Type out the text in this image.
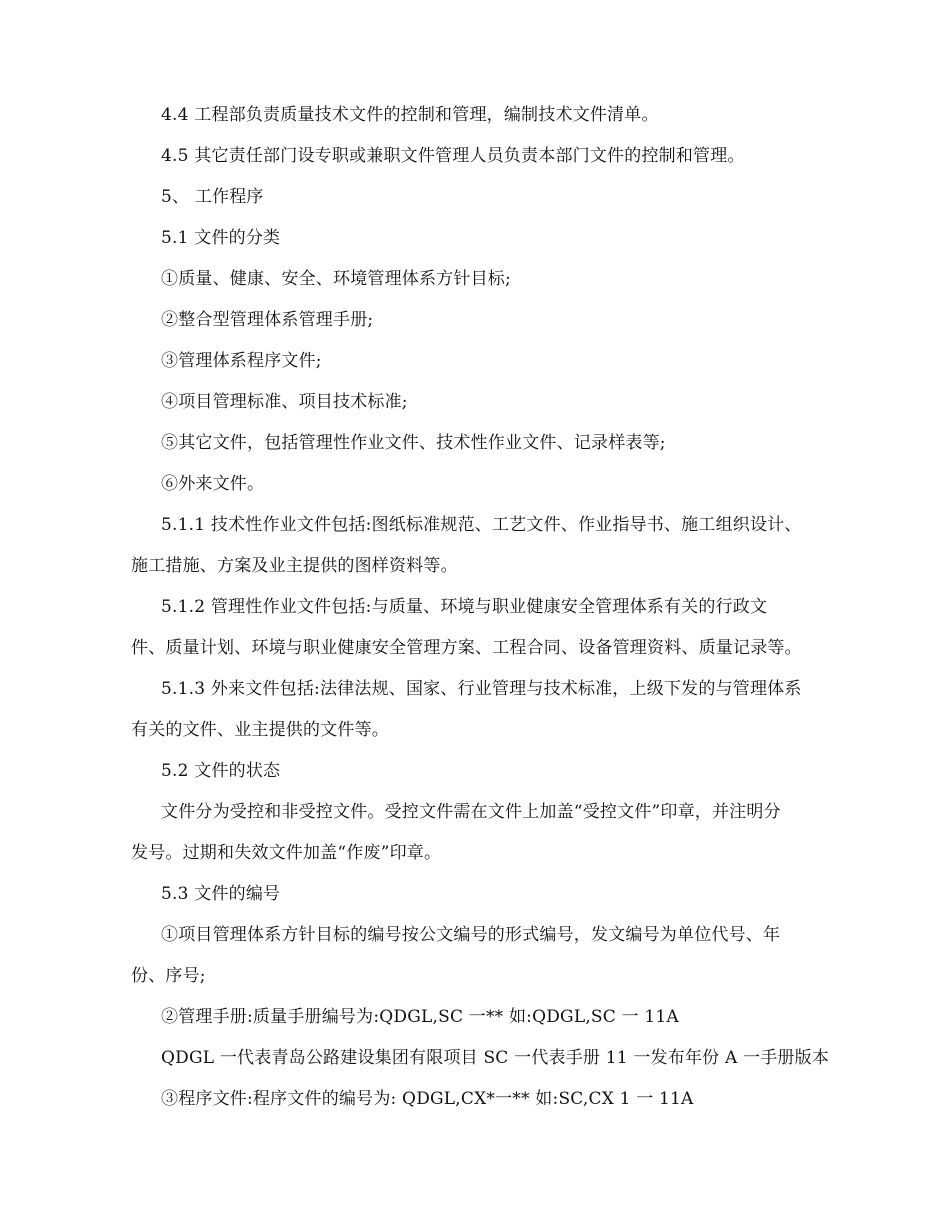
4.4 工程部负责质量技术文件的控制和管理，编制技术文件清单。
4.5 其它责任部门设专职或兼职文件管理人员负责本部门文件的控制和管理。
5、 工作程序
5.1 文件的分类
①质量、健康、安全、环境管理体系方针目标;
②整合型管理体系管理手册;
③管理体系程序文件;
④项目管理标准、项目技术标准;
⑤其它文件，包括管理性作业文件、技术性作业文件、记录样表等;
⑥外来文件。
5.1.1 技术性作业文件包括:图纸标准规范、工艺文件、作业指导书、施工组织设计、
施工措施、方案及业主提供的图样资料等。
5.1.2 管理性作业文件包括:与质量、环境与职业健康安全管理体系有关的行政文
件、质量计划、环境与职业健康安全管理方案、工程合同、设备管理资料、质量记录等。
5.1.3 外来文件包括:法律法规、国家、行业管理与技术标准，上级下发的与管理体系
有关的文件、业主提供的文件等。
5.2 文件的状态
文件分为受控和非受控文件。受控文件需在文件上加盖“受控文件”印章，并注明分
发号。过期和失效文件加盖“作废”印章。
5.3 文件的编号
①项目管理体系方针目标的编号按公文编号的形式编号，发文编号为单位代号、年
份、序号;
②管理手册:质量手册编号为:QDGL,SC 一** 如:QDGL,SC 一 11A
QDGL 一代表青岛公路建设集团有限项目 SC 一代表手册 11 一发布年份 A 一手册版本
③程序文件:程序文件的编号为: QDGL,CX*一** 如:SC,CX 1 一 11A
